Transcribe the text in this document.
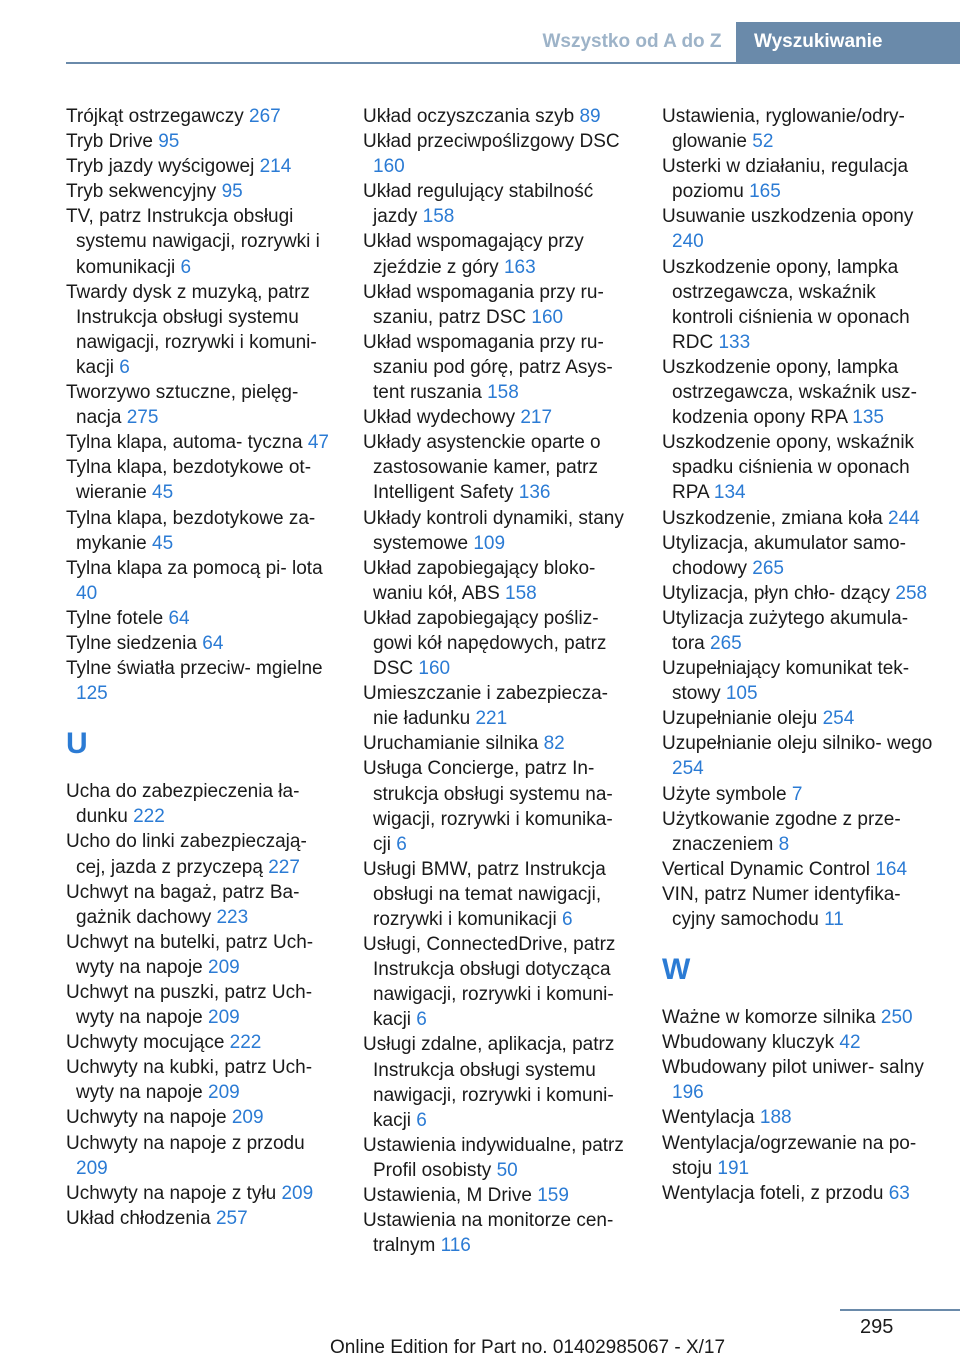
Wszystko od A do Z	Wyszukiwanie
Trójkąt ostrzegawczy 267
Tryb Drive 95
Tryb jazdy wyścigowej 214
Tryb sekwencyjny 95
TV, patrz Instrukcja obsługi systemu nawigacji, rozrywki i komunikacji 6
Twardy dysk z muzyką, patrz Instrukcja obsługi systemu nawigacji, rozrywki i komuni- kacji 6
Tworzywo sztuczne, pielęg- nacja 275
Tylna klapa, automa- tyczna 47
Tylna klapa, bezdotykowe ot- wieranie 45
Tylna klapa, bezdotykowe za- mykanie 45
Tylna klapa za pomocą pi- lota 40
Tylne fotele 64
Tylne siedzenia 64
Tylne światła przeciw- mgielne 125
U
Ucha do zabezpieczenia ła- dunku 222
Ucho do linki zabezpieczają- cej, jazda z przyczepą 227
Uchwyt na bagaż, patrz Ba- gażnik dachowy 223
Uchwyt na butelki, patrz Uch- wyty na napoje 209
Uchwyt na puszki, patrz Uch- wyty na napoje 209
Uchwyty mocujące 222
Uchwyty na kubki, patrz Uch- wyty na napoje 209
Uchwyty na napoje 209
Uchwyty na napoje z przodu 209
Uchwyty na napoje z tyłu 209
Układ chłodzenia 257
Układ oczyszczania szyb 89
Układ przeciwpoślizgowy DSC 160
Układ regulujący stabilność jazdy 158
Układ wspomagający przy zjeździe z góry 163
Układ wspomagania przy ru- szaniu, patrz DSC 160
Układ wspomagania przy ru- szaniu pod górę, patrz Asys- tent ruszania 158
Układ wydechowy 217
Układy asystenckie oparte o zastosowanie kamer, patrz Intelligent Safety 136
Układy kontroli dynamiki, stany systemowe 109
Układ zapobiegający bloko- waniu kół, ABS 158
Układ zapobiegający pośliz- gowi kół napędowych, patrz DSC 160
Umieszczanie i zabezpiecza- nie ładunku 221
Uruchamianie silnika 82
Usługa Concierge, patrz In- strukcja obsługi systemu na- wigacji, rozrywki i komunika- cji 6
Usługi BMW, patrz Instrukcja obsługi na temat nawigacji, rozrywki i komunikacji 6
Usługi, ConnectedDrive, patrz Instrukcja obsługi dotycząca nawigacji, rozrywki i komuni- kacji 6
Usługi zdalne, aplikacja, patrz Instrukcja obsługi systemu nawigacji, rozrywki i komuni- kacji 6
Ustawienia indywidualne, patrz Profil osobisty 50
Ustawienia, M Drive 159
Ustawienia na monitorze cen- tralnym 116
Ustawienia, ryglowanie/odry- glowanie 52
Usterki w działaniu, regulacja poziomu 165
Usuwanie uszkodzenia opony 240
Uszkodzenie opony, lampka ostrzegawcza, wskaźnik kontroli ciśnienia w oponach RDC 133
Uszkodzenie opony, lampka ostrzegawcza, wskaźnik usz- kodzenia opony RPA 135
Uszkodzenie opony, wskaźnik spadku ciśnienia w oponach RPA 134
Uszkodzenie, zmiana koła 244
Utylizacja, akumulator samo- chodowy 265
Utylizacja, płyn chło- dzący 258
Utylizacja zużytego akumula- tora 265
Uzupełniający komunikat tek- stowy 105
Uzupełnianie oleju 254
Uzupełnianie oleju silniko- wego 254
Użyte symbole 7
Użytkowanie zgodne z prze- znaczeniem 8
Vertical Dynamic Control 164
VIN, patrz Numer identyfika- cyjny samochodu 11
W
Ważne w komorze silnika 250
Wbudowany kluczyk 42
Wbudowany pilot uniwer- salny 196
Wentylacja 188
Wentylacja/ogrzewanie na po- stoju 191
Wentylacja foteli, z przodu 63
295
Online Edition for Part no. 01402985067 - X/17
